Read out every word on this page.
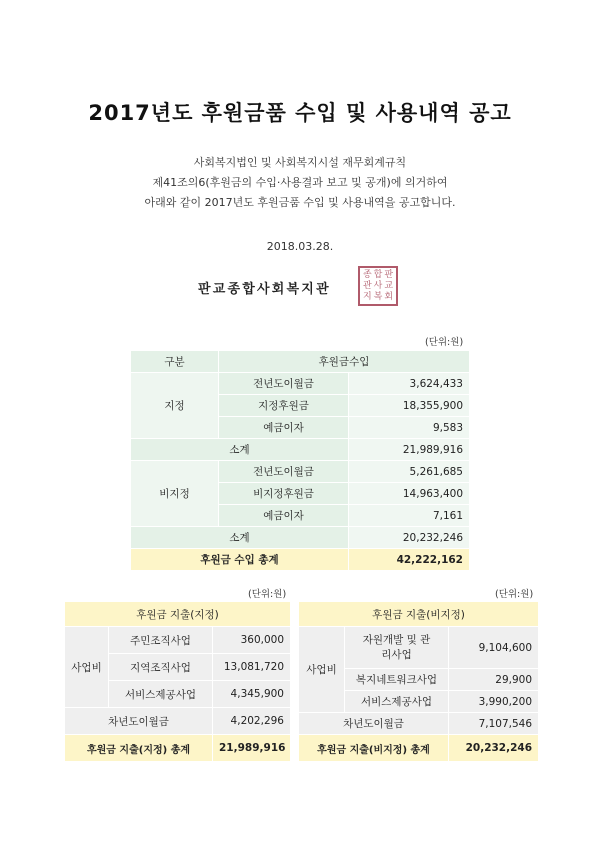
2017년도 후원금품 수입 및 사용내역 공고
사회복지법인 및 사회복지시설 재무회계규칙
제41조의6(후원금의 수입·사용결과 보고 및 공개)에 의거하여
아래와 같이 2017년도 후원금품 수입 및 사용내역을 공고합니다.
2018.03.28.
판교종합사회복지관
종 합 판
관 사 교
지 복 회
(단위:원)
구분	후원금수입	
지정	전년도이월금	3,624,433
	지정후원금	18,355,900
	예금이자	9,583
소계		21,989,916
비지정	전년도이월금	5,261,685
	비지정후원금	14,963,400
	예금이자	7,161
소계		20,232,246
후원금 수입 총계		42,222,162
(단위:원)
후원금 지출(지정)		
사업비	주민조직사업	360,000
	지역조직사업	13,081,720
	서비스제공사업	4,345,900
차년도이월금		4,202,296
후원금 지출(지정) 총계		21,989,916
(단위:원)
후원금 지출(비지정)		
사업비	자원개발 및 관리사업	9,104,600
	복지네트워크사업	29,900
	서비스제공사업	3,990,200
차년도이월금		7,107,546
후원금 지출(비지정) 총계		20,232,246
